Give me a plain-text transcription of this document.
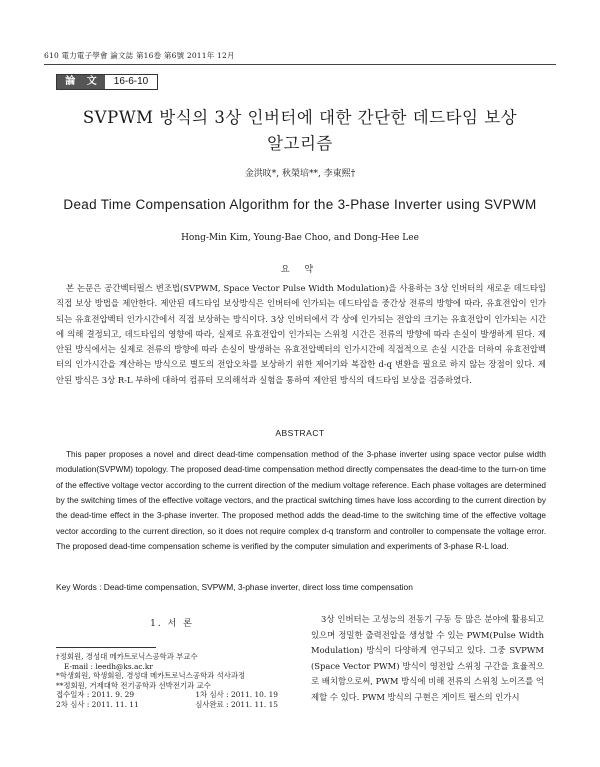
610 電力電子學會 論文誌 第16卷 第6號 2011年 12月
論 文	16-6-10
SVPWM 방식의 3상 인버터에 대한 간단한 데드타임 보상
알고리즘
金洪旼*, 秋榮培**, 李東熙†
Dead Time Compensation Algorithm for the 3-Phase Inverter using SVPWM
Hong-Min Kim, Young-Bae Choo, and Dong-Hee Lee
요 약

본 논문은 공간벡터펄스 변조법(SVPWM, Space Vector Pulse Width Modulation)을 사용하는 3상 인버터의 새로운 데드타임 직접 보상 방법을 제안한다. 제안된 데드타임 보상방식은 인버터에 인가되는 데드타임을 중간상 전류의 방향에 따라, 유효전압이 인가되는 유효전압벡터 인가시간에서 직접 보상하는 방식이다. 3상 인버터에서 각 상에 인가되는 전압의 크기는 유효전압이 인가되는 시간에 의해 결정되고, 데드타임의 영향에 따라, 실제로 유효전압이 인가되는 스위칭 시간은 전류의 방향에 따라 손실이 발생하게 된다. 제안된 방식에서는 실제로 전류의 방향에 따라 손실이 발생하는 유효전압벡터의 인가시간에 직접적으로 손실 시간을 더하여 유효전압벡터의 인가시간을 계산하는 방식으로 별도의 전압오차를 보상하기 위한 제어기와 복잡한 d-q 변환을 필요로 하지 않는 장점이 있다. 제안된 방식은 3상 R-L 부하에 대하여 컴퓨터 모의해석과 실험을 통하여 제안된 방식의 데드타임 보상을 검증하였다.

ABSTRACT

This paper proposes a novel and direct dead-time compensation method of the 3-phase inverter using space vector pulse width modulation(SVPWM) topology. The proposed dead-time compensation method directly compensates the dead-time to the turn-on time of the effective voltage vector according to the current direction of the medium voltage reference. Each phase voltages are determined by the switching times of the effective voltage vectors, and the practical switching times have loss according to the current direction by the dead-time effect in the 3-phase inverter. The proposed method adds the dead-time to the switching time of the effective voltage vector according to the current direction, so it does not require complex d-q transform and controller to compensate the voltage error. The proposed dead-time compensation scheme is verified by the computer simulation and experiments of 3-phase R-L load.

Key Words : Dead-time compensation, SVPWM, 3-phase inverter, direct loss time compensation
1. 서 론
†정회원, 경성대 메카트로닉스공학과 부교수
E-mail : leedh@ks.ac.kr
*학생회원, 학생회원, 경성대 메카트로닉스공학과 석사과정
**정회원, 거제대학 전기공학과 선박전기과 교수
접수일자 : 2011. 9. 29	1차 심사 : 2011. 10. 19
2차 심사 : 2011. 11. 11	심사완료 : 2011. 11. 15

3상 인버터는 고성능의 전동기 구동 등 많은 분야에 활용되고 있으며 정밀한 출력전압을 생성할 수 있는 PWM(Pulse Width Modulation) 방식이 다양하게 연구되고 있다. 그중 SVPWM (Space Vector PWM) 방식이 영전압 스위칭 구간을 효율적으로 배치함으로써, PWM 방식에 비해 전류의 스위칭 노이즈를 억제할 수 있다. PWM 방식의 구현은 게이트 펄스의 인가시
